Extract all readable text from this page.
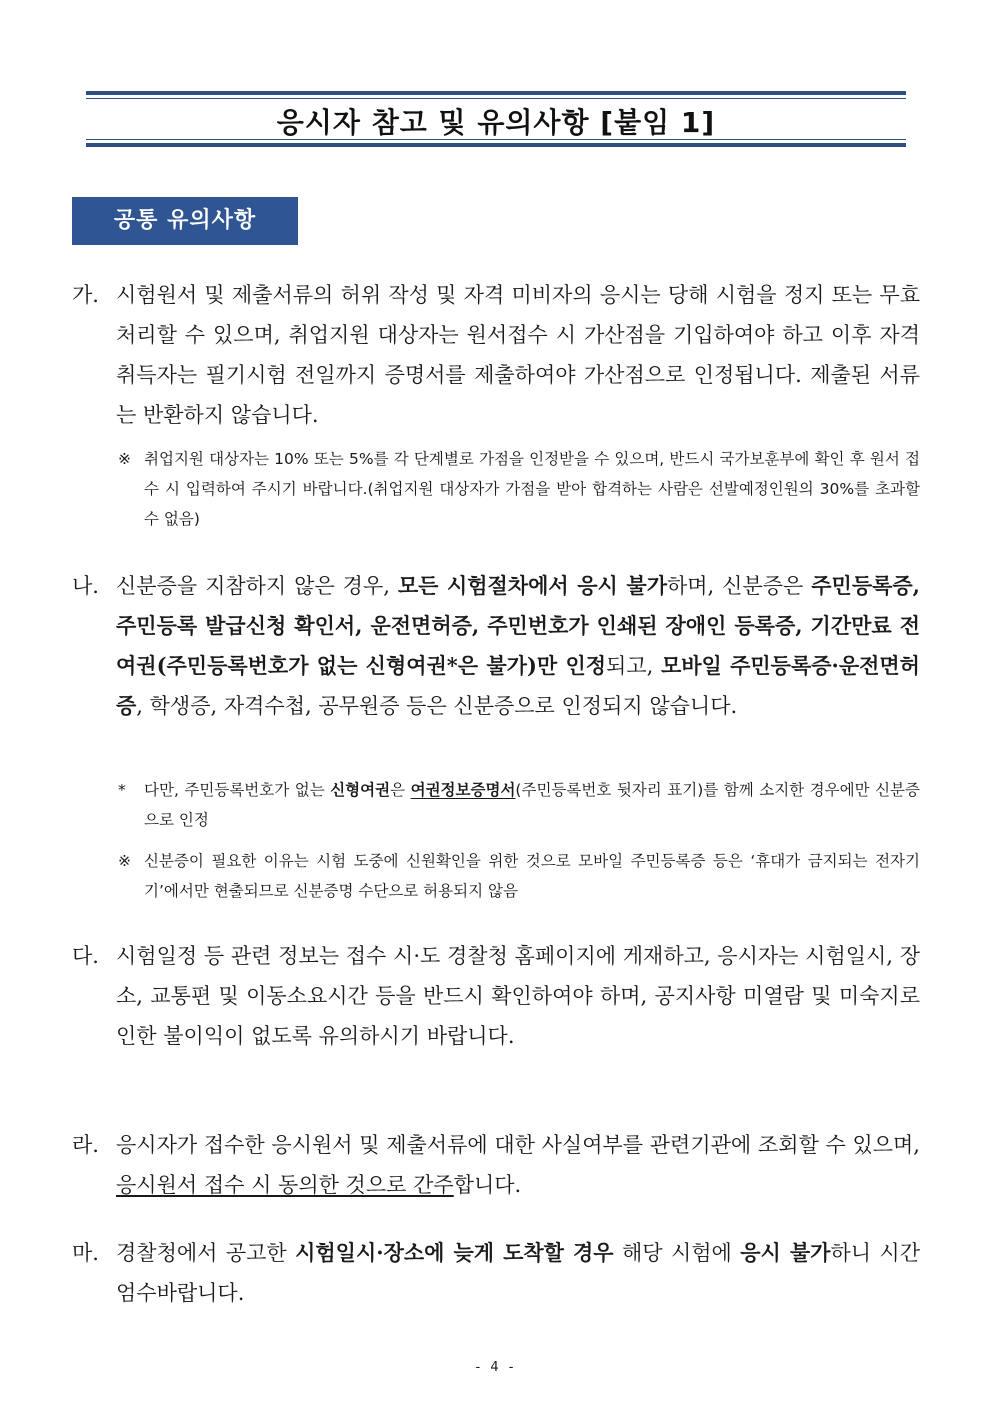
응시자 참고 및 유의사항 [붙임 1]
공통 유의사항
가. 시험원서 및 제출서류의 허위 작성 및 자격 미비자의 응시는 당해 시험을 정지 또는 무효 처리할 수 있으며, 취업지원 대상자는 원서접수 시 가산점을 기입하여야 하고 이후 자격 취득자는 필기시험 전일까지 증명서를 제출하여야 가산점으로 인정됩니다. 제출된 서류는 반환하지 않습니다.
※ 취업지원 대상자는 10% 또는 5%를 각 단계별로 가점을 인정받을 수 있으며, 반드시 국가보훈부에 확인 후 원서 접수 시 입력하여 주시기 바랍니다.(취업지원 대상자가 가점을 받아 합격하는 사람은 선발예정인원의 30%를 초과할 수 없음)
나. 신분증을 지참하지 않은 경우, 모든 시험절차에서 응시 불가하며, 신분증은 주민등록증, 주민등록 발급신청 확인서, 운전면허증, 주민번호가 인쇄된 장애인 등록증, 기간만료 전 여권(주민등록번호가 없는 신형여권*은 불가)만 인정되고, 모바일 주민등록증·운전면허증, 학생증, 자격수첩, 공무원증 등은 신분증으로 인정되지 않습니다.
*	다만, 주민등록번호가 없는 신형여권은 여권정보증명서(주민등록번호 뒷자리 표기)를 함께 소지한 경우에만 신분증으로 인정
※ 신분증이 필요한 이유는 시험 도중에 신원확인을 위한 것으로 모바일 주민등록증 등은 ‘휴대가 금지되는 전자기기’에서만 현출되므로 신분증명 수단으로 허용되지 않음
다. 시험일정 등 관련 정보는 접수 시·도 경찰청 홈페이지에 게재하고, 응시자는 시험일시, 장소, 교통편 및 이동소요시간 등을 반드시 확인하여야 하며, 공지사항 미열람 및 미숙지로 인한 불이익이 없도록 유의하시기 바랍니다.
라. 응시자가 접수한 응시원서 및 제출서류에 대한 사실여부를 관련기관에 조회할 수 있으며, 응시원서 접수 시 동의한 것으로 간주합니다.
마. 경찰청에서 공고한 시험일시·장소에 늦게 도착할 경우 해당 시험에 응시 불가하니 시간 엄수바랍니다.
- 4 -
